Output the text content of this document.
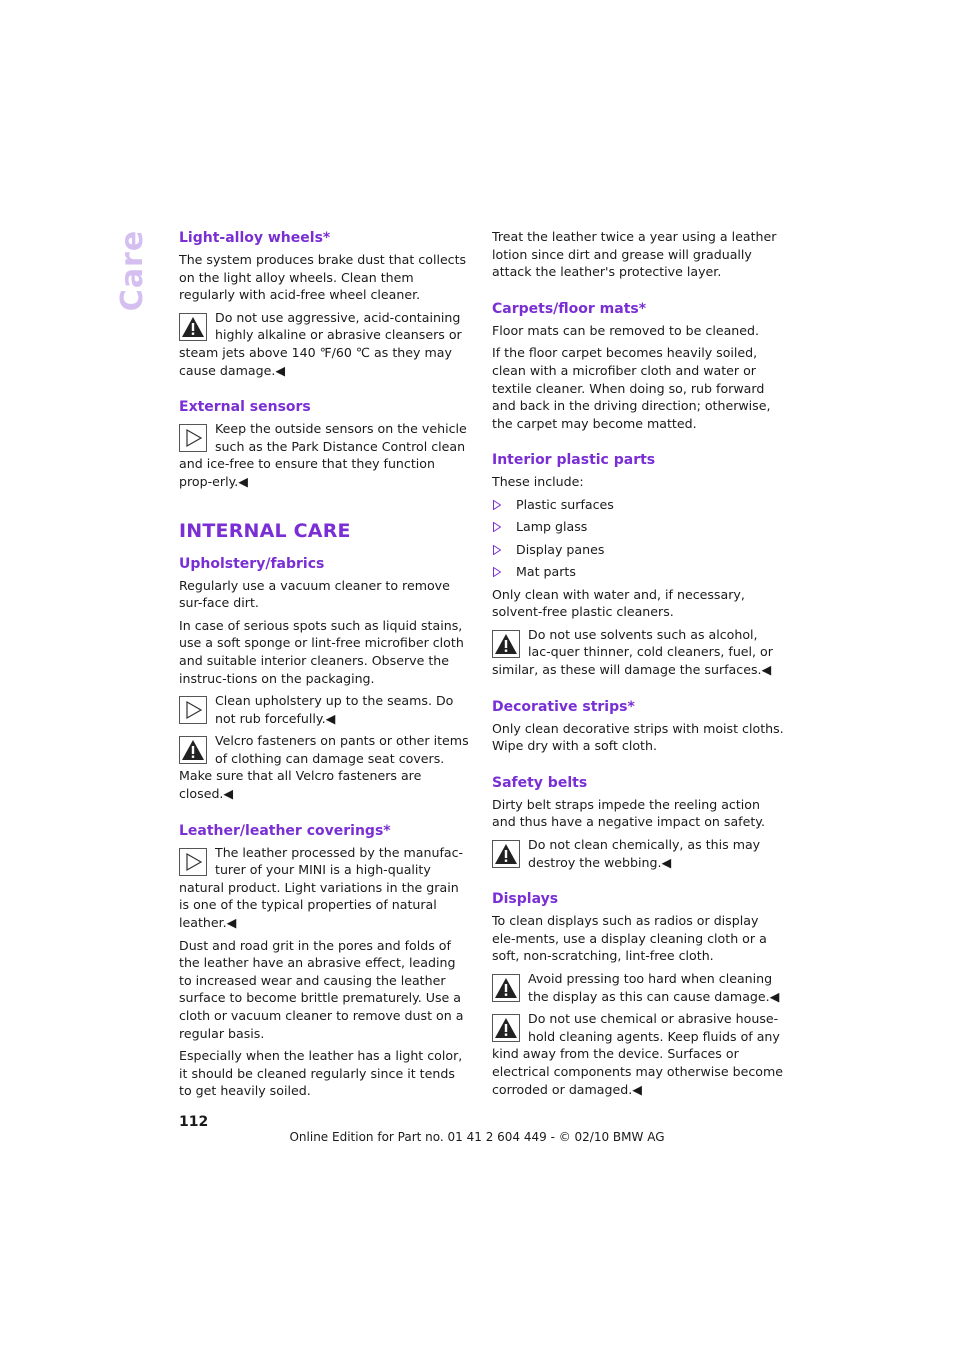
Care Light-alloy wheels*

The system produces brake dust that collects on the light alloy wheels. Clean them regularly with acid-free wheel cleaner.

Do not use aggressive, acid-containing highly alkaline or abrasive cleansers or steam jets above 140 ℉/60 ℃ as they may cause damage.◀
External sensors
Keep the outside sensors on the vehicle such as the Park Distance Control clean and ice-free to ensure that they function prop-erly.◀
INTERNAL CARE
Upholstery/fabrics

Regularly use a vacuum cleaner to remove sur-face dirt.

In case of serious spots such as liquid stains, use a soft sponge or lint-free microfiber cloth and suitable interior cleaners. Observe the instruc-tions on the packaging.

Clean upholstery up to the seams. Do not rub forcefully.◀
Velcro fasteners on pants or other items of clothing can damage seat covers. Make sure that all Velcro fasteners are closed.◀
Leather/leather coverings*
The leather processed by the manufac-turer of your MINI is a high-quality natural product. Light variations in the grain is one of the typical properties of natural leather.◀

Dust and road grit in the pores and folds of the leather have an abrasive effect, leading to increased wear and causing the leather surface to become brittle prematurely. Use a cloth or vacuum cleaner to remove dust on a regular basis.

Especially when the leather has a light color, it should be cleaned regularly since it tends to get heavily soiled.

Treat the leather twice a year using a leather lotion since dirt and grease will gradually attack the leather's protective layer.

Carpets/floor mats*

Floor mats can be removed to be cleaned.

If the floor carpet becomes heavily soiled, clean with a microfiber cloth and water or textile cleaner. When doing so, rub forward and back in the driving direction; otherwise, the carpet may become matted.

Interior plastic parts

These include:

Plastic surfaces
Lamp glass
Display panes
Mat parts

Only clean with water and, if necessary, solvent-free plastic cleaners.

Do not use solvents such as alcohol, lac-quer thinner, cold cleaners, fuel, or similar, as these will damage the surfaces.◀
Decorative strips*

Only clean decorative strips with moist cloths. Wipe dry with a soft cloth.

Safety belts

Dirty belt straps impede the reeling action and thus have a negative impact on safety.

Do not clean chemically, as this may destroy the webbing.◀
Displays

To clean displays such as radios or display ele-ments, use a display cleaning cloth or a soft, non-scratching, lint-free cloth.

Avoid pressing too hard when cleaning the display as this can cause damage.◀
Do not use chemical or abrasive house-hold cleaning agents. Keep fluids of any kind away from the device. Surfaces or electrical components may otherwise become corroded or damaged.◀
112
Online Edition for Part no. 01 41 2 604 449 - © 02/10 BMW AG
